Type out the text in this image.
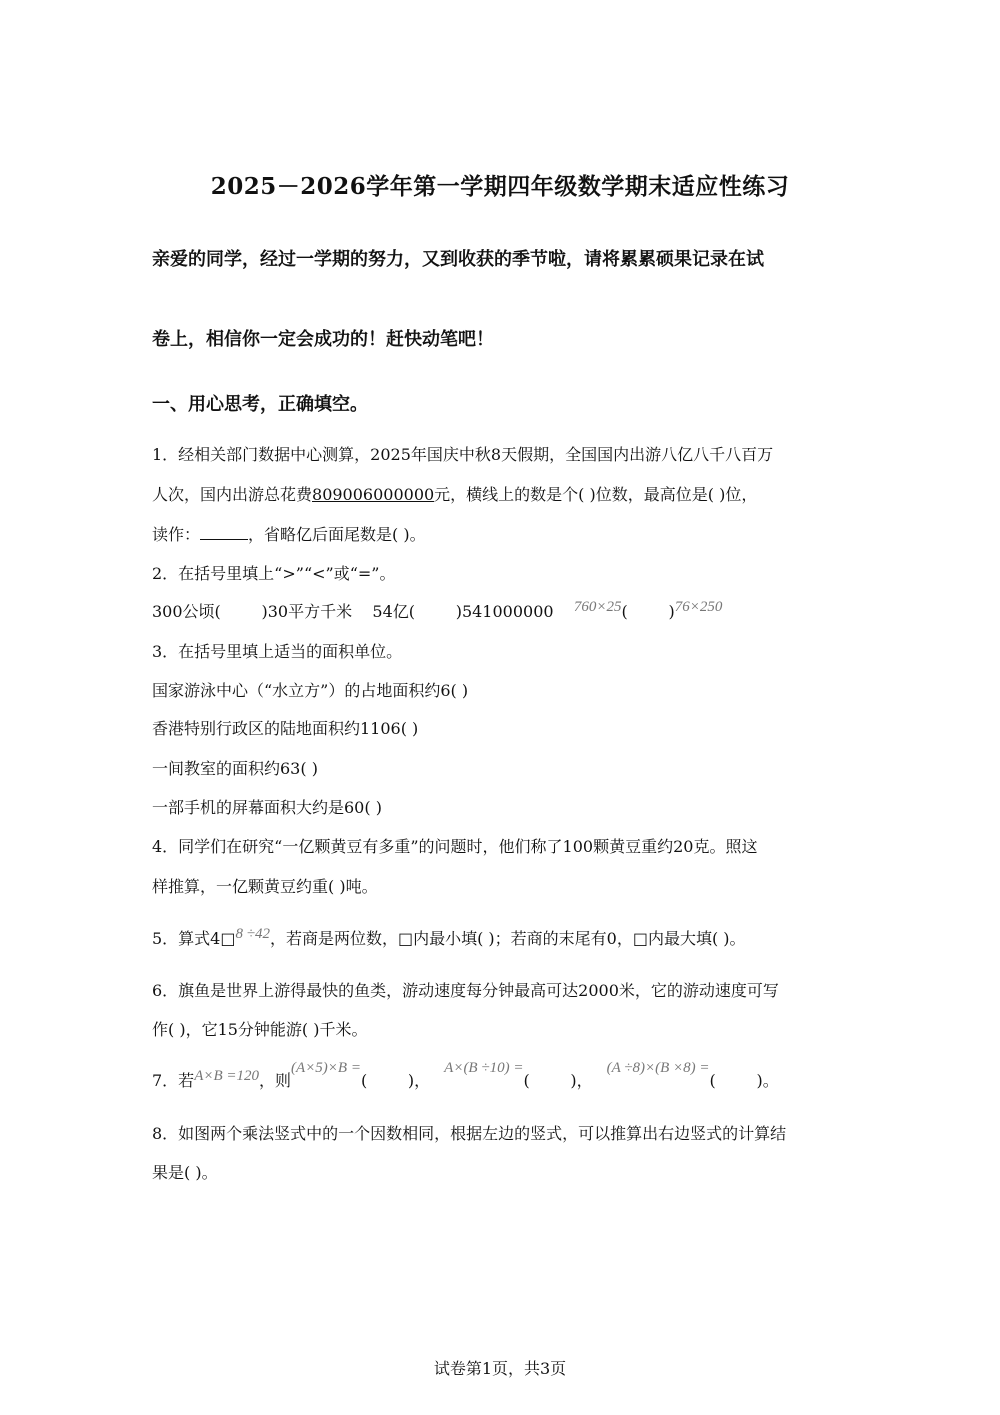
2025－2026学年第一学期四年级数学期末适应性练习
亲爱的同学，经过一学期的努力，又到收获的季节啦，请将累累硕果记录在试
卷上，相信你一定会成功的！赶快动笔吧！
一、用心思考，正确填空。
1．经相关部门数据中心测算，2025年国庆中秋8天假期，全国国内出游八亿八千八百万
人次，国内出游总花费809006000000元，横线上的数是个( )位数，最高位是( )位，
读作：	，省略亿后面尾数是( )。
2．在括号里填上“>”“<”或“=”。
300公顷(        )30平方千米    54亿(        )541000000    760×25(        )76×250
3．在括号里填上适当的面积单位。
国家游泳中心（“水立方”）的占地面积约6( )
香港特别行政区的陆地面积约1106( )
一间教室的面积约63( )
一部手机的屏幕面积大约是60( )
4．同学们在研究“一亿颗黄豆有多重”的问题时，他们称了100颗黄豆重约20克。照这
样推算，一亿颗黄豆约重( )吨。
5．算式4□8 ÷42，若商是两位数，□内最小填( )；若商的末尾有0，□内最大填( )。
6．旗鱼是世界上游得最快的鱼类，游动速度每分钟最高可达2000米，它的游动速度可写
作( )，它15分钟能游( )千米。
7．若A×B =120，则(A×5)×B =(        )，A×(B ÷10) =(        )，(A ÷8)×(B ×8) =(        )。
8．如图两个乘法竖式中的一个因数相同，根据左边的竖式，可以推算出右边竖式的计算结
果是( )。
试卷第1页，共3页
